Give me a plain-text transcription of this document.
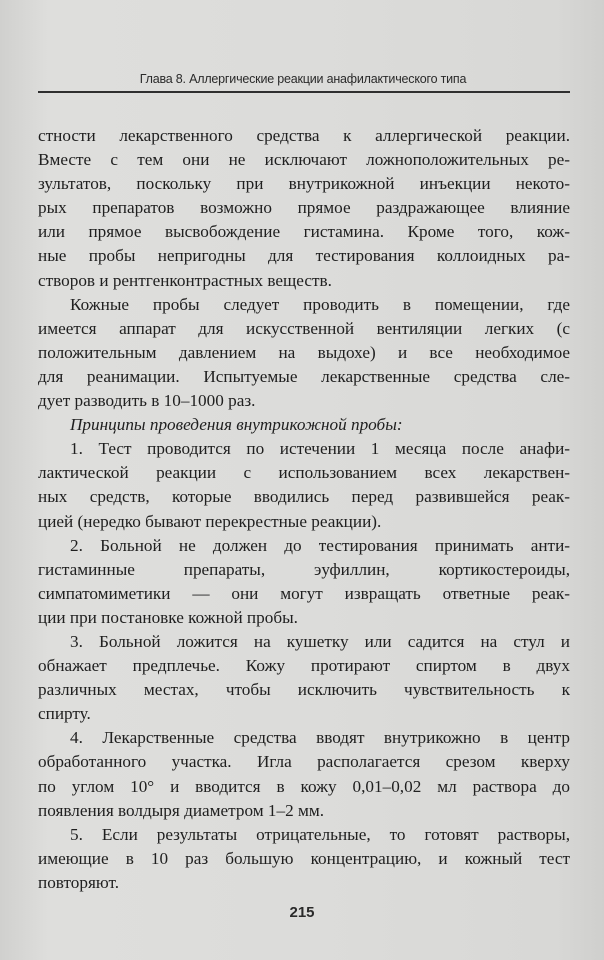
Глава 8. Аллергические реакции анафилактического типа
стности лекарственного средства к аллергической реакции.
Вместе с тем они не исключают ложноположительных ре-
зультатов, поскольку при внутрикожной инъекции некото-
рых препаратов возможно прямое раздражающее влияние
или прямое высвобождение гистамина. Кроме того, кож-
ные пробы непригодны для тестирования коллоидных ра-
створов и рентгенконтрастных веществ.
Кожные пробы следует проводить в помещении, где
имеется аппарат для искусственной вентиляции легких (с
положительным давлением на выдохе) и все необходимое
для реанимации. Испытуемые лекарственные средства сле-
дует разводить в 10–1000 раз.
Принципы проведения внутрикожной пробы:
1. Тест проводится по истечении 1 месяца после анафи-
лактической реакции с использованием всех лекарствен-
ных средств, которые вводились перед развившейся реак-
цией (нередко бывают перекрестные реакции).
2. Больной не должен до тестирования принимать анти-
гистаминные препараты, эуфиллин, кортикостероиды,
симпатомиметики — они могут извращать ответные реак-
ции при постановке кожной пробы.
3. Больной ложится на кушетку или садится на стул и
обнажает предплечье. Кожу протирают спиртом в двух
различных местах, чтобы исключить чувствительность к
спирту.
4. Лекарственные средства вводят внутрикожно в центр
обработанного участка. Игла располагается срезом кверху
по углом 10° и вводится в кожу 0,01–0,02 мл раствора до
появления волдыря диаметром 1–2 мм.
5. Если результаты отрицательные, то готовят растворы,
имеющие в 10 раз большую концентрацию, и кожный тест
повторяют.
215
